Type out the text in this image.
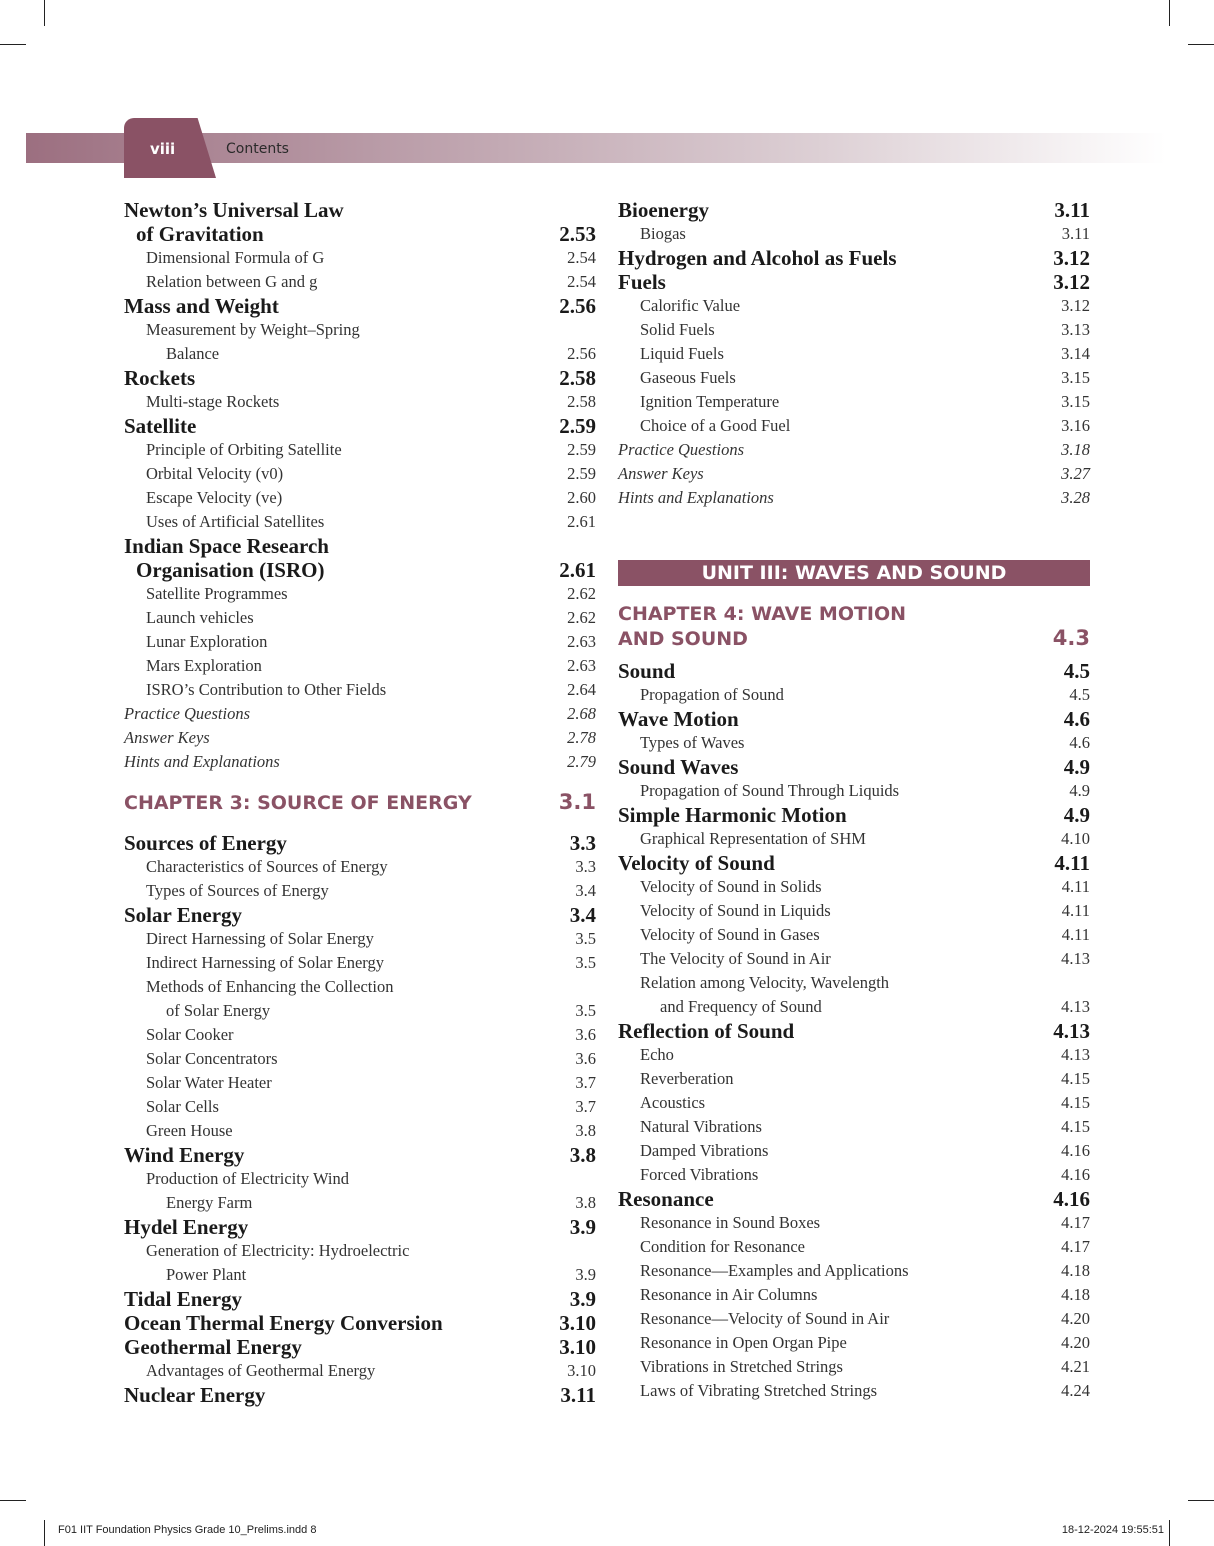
viii	Contents
Newton’s Universal Law
of Gravitation	2.53
Dimensional Formula of G	2.54
Relation between G and g	2.54
Mass and Weight	2.56
Measurement by Weight–Spring
Balance	2.56
Rockets	2.58
Multi-stage Rockets	2.58
Satellite	2.59
Principle of Orbiting Satellite	2.59
Orbital Velocity (v0)	2.59
Escape Velocity (ve)	2.60
Uses of Artificial Satellites	2.61
Indian Space Research
Organisation (ISRO)	2.61
Satellite Programmes	2.62
Launch vehicles	2.62
Lunar Exploration	2.63
Mars Exploration	2.63
ISRO’s Contribution to Other Fields	2.64
Practice Questions	2.68
Answer Keys	2.78
Hints and Explanations	2.79
CHAPTER 3: SOURCE OF ENERGY	3.1
Sources of Energy	3.3
Characteristics of Sources of Energy	3.3
Types of Sources of Energy	3.4
Solar Energy	3.4
Direct Harnessing of Solar Energy	3.5
Indirect Harnessing of Solar Energy	3.5
Methods of Enhancing the Collection
of Solar Energy	3.5
Solar Cooker	3.6
Solar Concentrators	3.6
Solar Water Heater	3.7
Solar Cells	3.7
Green House	3.8
Wind Energy	3.8
Production of Electricity Wind
Energy Farm	3.8
Hydel Energy	3.9
Generation of Electricity: Hydroelectric
Power Plant	3.9
Tidal Energy	3.9
Ocean Thermal Energy Conversion	3.10
Geothermal Energy	3.10
Advantages of Geothermal Energy	3.10
Nuclear Energy	3.11
Bioenergy	3.11
Biogas	3.11
Hydrogen and Alcohol as Fuels	3.12
Fuels	3.12
Calorific Value	3.12
Solid Fuels	3.13
Liquid Fuels	3.14
Gaseous Fuels	3.15
Ignition Temperature	3.15
Choice of a Good Fuel	3.16
Practice Questions	3.18
Answer Keys	3.27
Hints and Explanations	3.28
UNIT III: WAVES AND SOUND
CHAPTER 4: WAVE MOTION
AND SOUND	4.3
Sound	4.5
Propagation of Sound	4.5
Wave Motion	4.6
Types of Waves	4.6
Sound Waves	4.9
Propagation of Sound Through Liquids	4.9
Simple Harmonic Motion	4.9
Graphical Representation of SHM	4.10
Velocity of Sound	4.11
Velocity of Sound in Solids	4.11
Velocity of Sound in Liquids	4.11
Velocity of Sound in Gases	4.11
The Velocity of Sound in Air	4.13
Relation among Velocity, Wavelength
and Frequency of Sound	4.13
Reflection of Sound	4.13
Echo	4.13
Reverberation	4.15
Acoustics	4.15
Natural Vibrations	4.15
Damped Vibrations	4.16
Forced Vibrations	4.16
Resonance	4.16
Resonance in Sound Boxes	4.17
Condition for Resonance	4.17
Resonance—Examples and Applications	4.18
Resonance in Air Columns	4.18
Resonance—Velocity of Sound in Air	4.20
Resonance in Open Organ Pipe	4.20
Vibrations in Stretched Strings	4.21
Laws of Vibrating Stretched Strings	4.24
F01 IIT Foundation Physics Grade 10_Prelims.indd 8	18-12-2024 19:55:51
